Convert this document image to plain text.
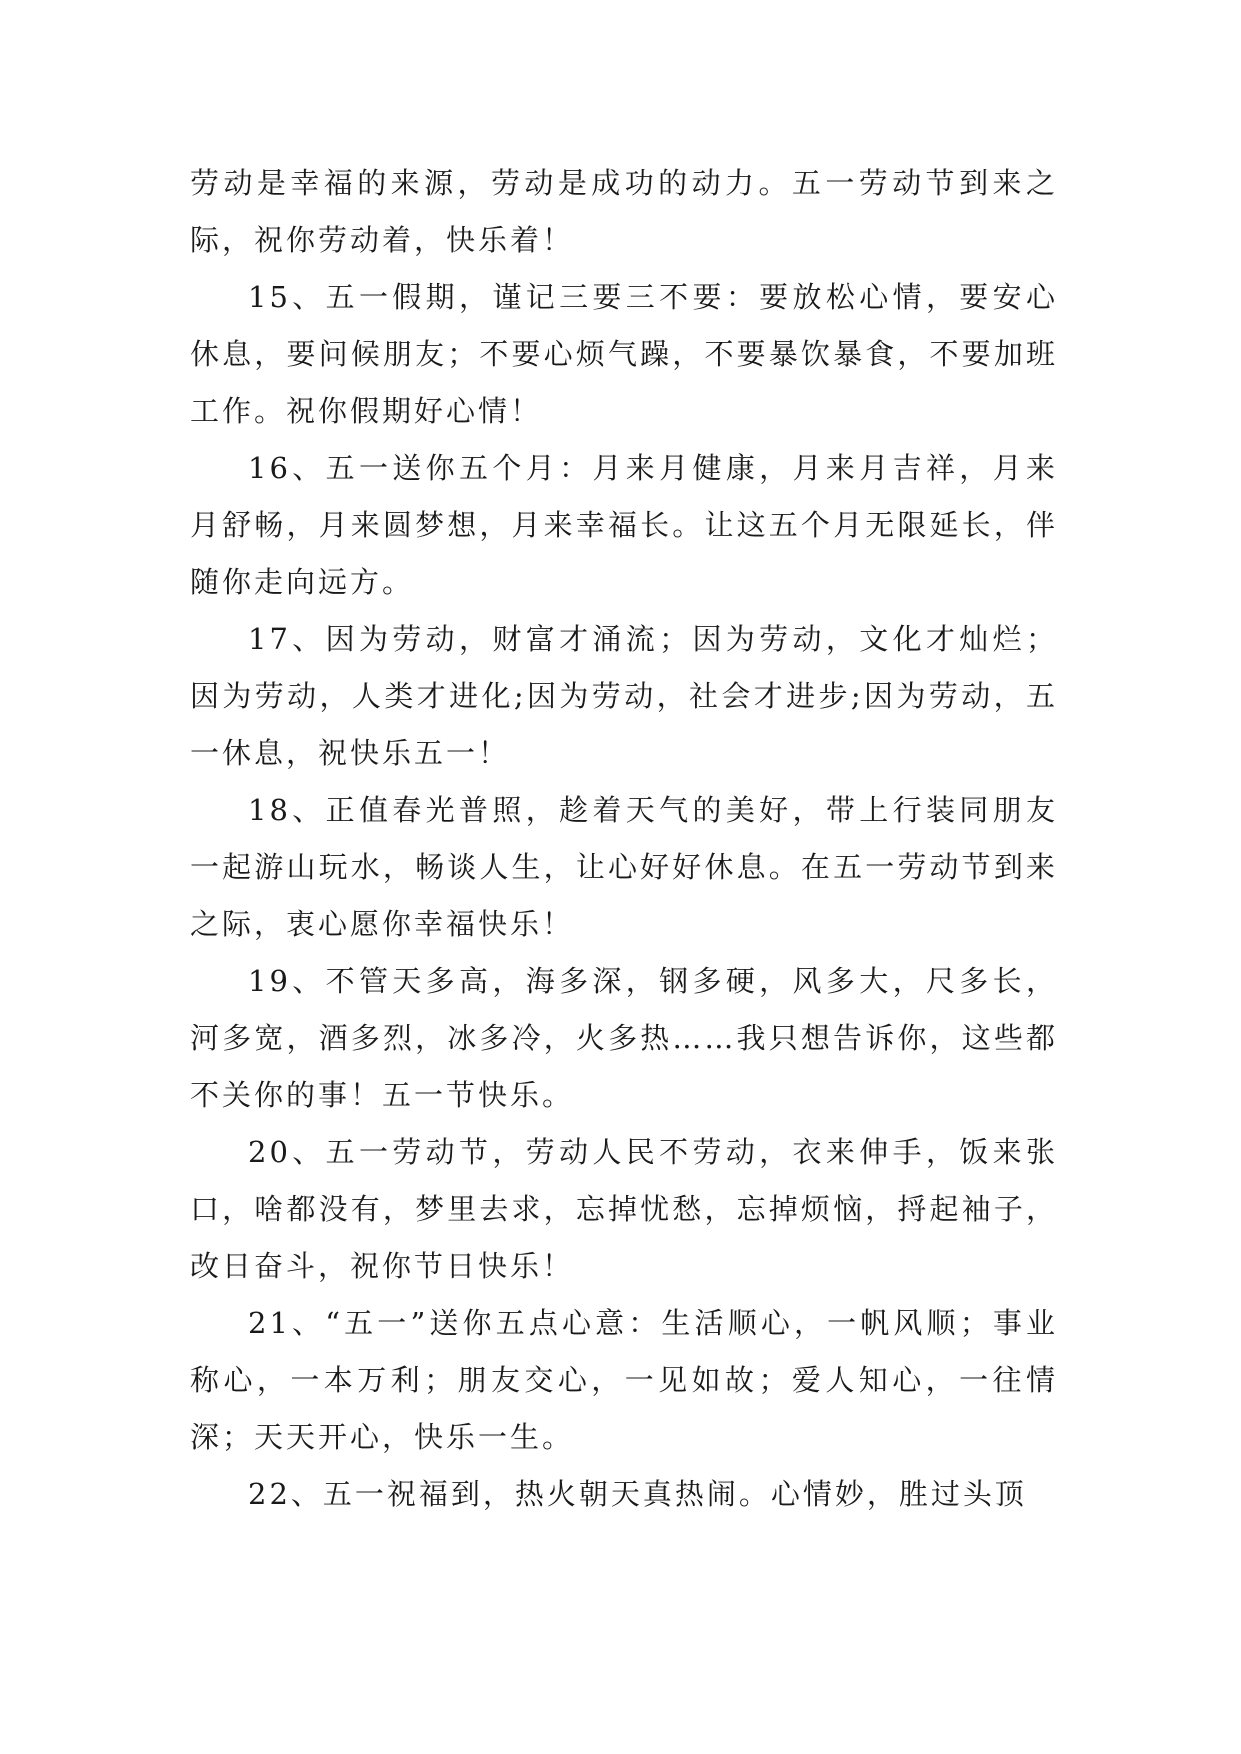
劳动是幸福的来源，劳动是成功的动力。五一劳动节到来之际，祝你劳动着，快乐着！

15、五一假期，谨记三要三不要：要放松心情，要安心休息，要问候朋友；不要心烦气躁，不要暴饮暴食，不要加班工作。祝你假期好心情！

16、五一送你五个月：月来月健康，月来月吉祥，月来月舒畅，月来圆梦想，月来幸福长。让这五个月无限延长，伴随你走向远方。

17、因为劳动，财富才涌流；因为劳动，文化才灿烂；因为劳动，人类才进化;因为劳动，社会才进步;因为劳动，五一休息，祝快乐五一！

18、正值春光普照，趁着天气的美好，带上行装同朋友一起游山玩水，畅谈人生，让心好好休息。在五一劳动节到来之际，衷心愿你幸福快乐！

19、不管天多高，海多深，钢多硬，风多大，尺多长，河多宽，酒多烈，冰多冷，火多热……我只想告诉你，这些都不关你的事！五一节快乐。

20、五一劳动节，劳动人民不劳动，衣来伸手，饭来张口，啥都没有，梦里去求，忘掉忧愁，忘掉烦恼，捋起袖子，改日奋斗，祝你节日快乐！

21、“五一”送你五点心意：生活顺心，一帆风顺；事业称心，一本万利；朋友交心，一见如故；爱人知心，一往情深；天天开心，快乐一生。

22、五一祝福到，热火朝天真热闹。心情妙，胜过头顶
